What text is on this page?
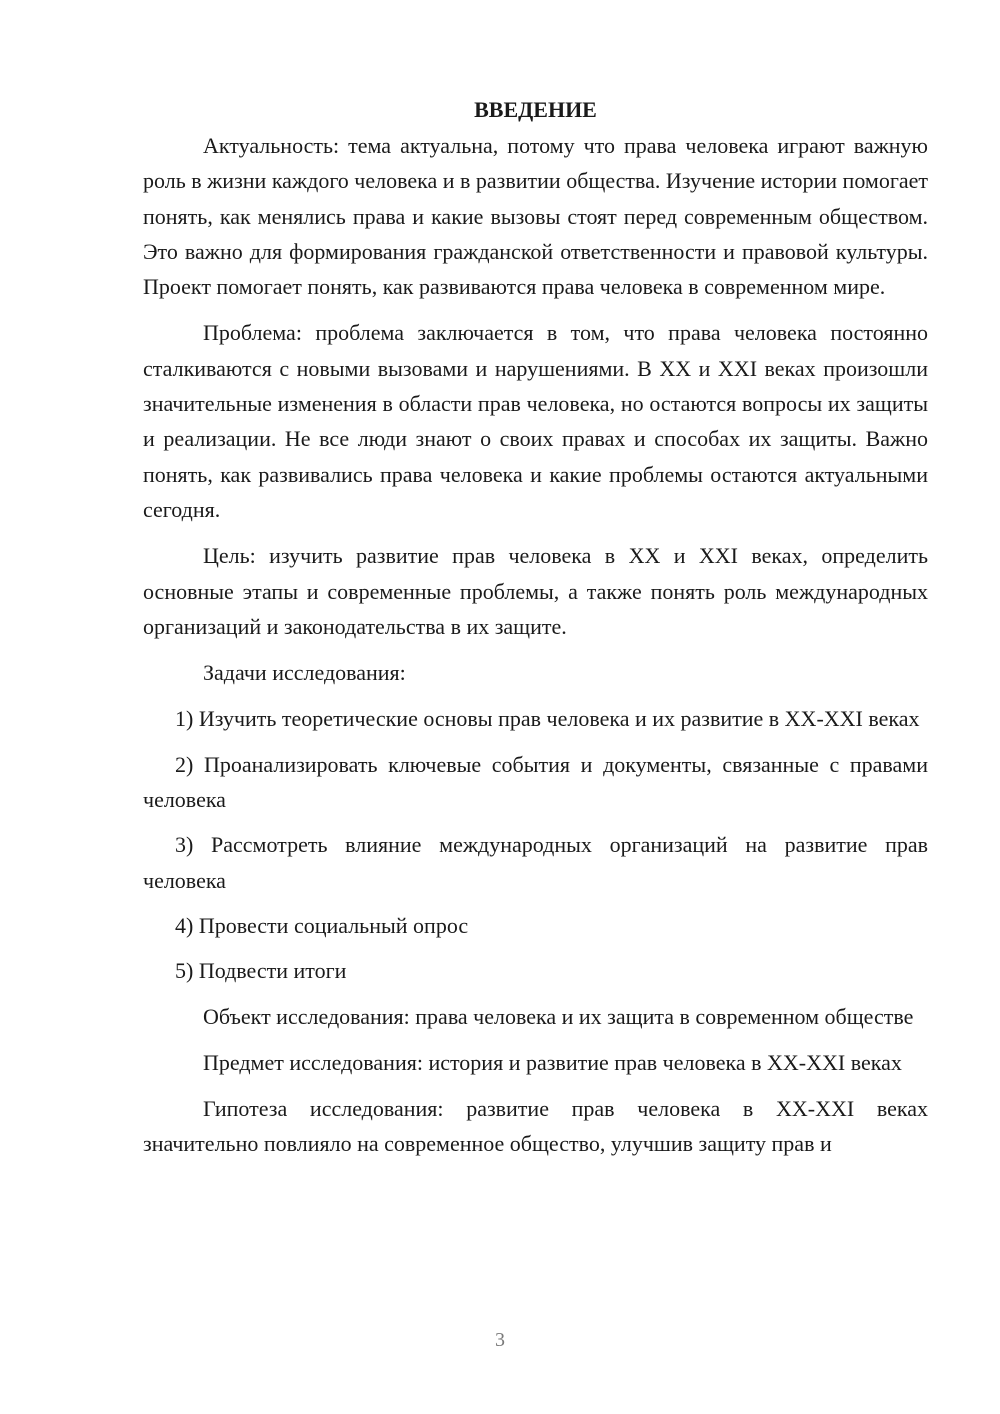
ВВЕДЕНИЕ

Актуальность: тема актуальна, потому что права человека играют важную роль в жизни каждого человека и в развитии общества. Изучение истории помогает понять, как менялись права и какие вызовы стоят перед современным обществом. Это важно для формирования гражданской ответственности и правовой культуры. Проект помогает понять, как развиваются права человека в современном мире.

Проблема: проблема заключается в том, что права человека постоянно сталкиваются с новыми вызовами и нарушениями. В XX и XXI веках произошли значительные изменения в области прав человека, но остаются вопросы их защиты и реализации. Не все люди знают о своих правах и способах их защиты. Важно понять, как развивались права человека и какие проблемы остаются актуальными сегодня.

Цель: изучить развитие прав человека в XX и XXI веках, определить основные этапы и современные проблемы, а также понять роль международных организаций и законодательства в их защите.

Задачи исследования:

1) Изучить теоретические основы прав человека и их развитие в XX-XXI веках

2) Проанализировать ключевые события и документы, связанные с правами человека

3) Рассмотреть влияние международных организаций на развитие прав человека

4) Провести социальный опрос

5) Подвести итоги

Объект исследования: права человека и их защита в современном обществе

Предмет исследования: история и развитие прав человека в XX-XXI веках

Гипотеза исследования: развитие прав человека в XX-XXI веках значительно повлияло на современное общество, улучшив защиту прав и

3
